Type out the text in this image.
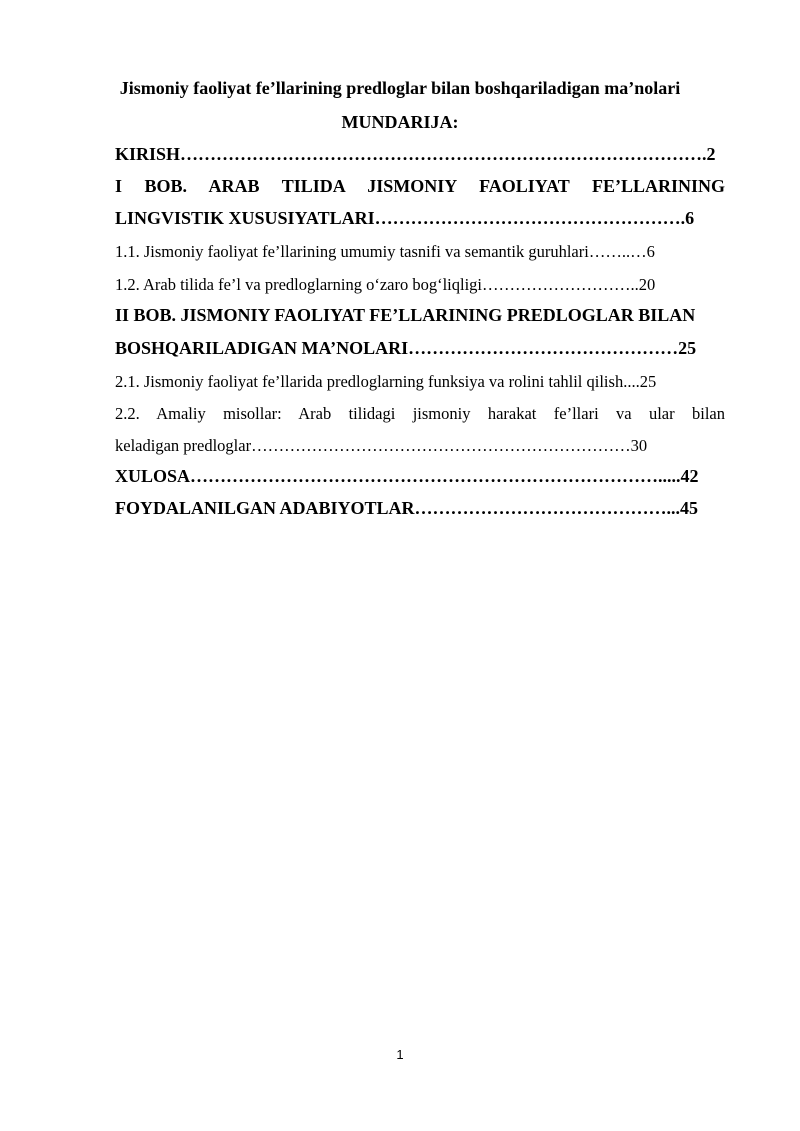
Jismoniy faoliyat fe’llarining predloglar bilan boshqariladigan ma’nolari
MUNDARIJA:
KIRISH…………………………………………………………………………….2
I BOB. ARAB TILIDA JISMONIY FAOLIYAT FE’LLARINING
LINGVISTIK XUSUSIYATLARI…………………………………………….6
1.1. Jismoniy faoliyat fe’llarining umumiy tasnifi va semantik guruhlari……..…6
1.2. Arab tilida fe’l va predloglarning o‘zaro bog‘liqligi………………………..20
II BOB. JISMONIY FAOLIYAT FE’LLARINING PREDLOGLAR BILAN
BOSHQARILADIGAN MA’NOLARI………………………………………25
2.1. Jismoniy faoliyat fe’llarida predloglarning funksiya va rolini tahlil qilish....25
2.2. Amaliy misollar: Arab tilidagi jismoniy harakat fe’llari va ular bilan
keladigan predloglar……………………………………………………………30
XULOSA…………………………………………………………………….....42
FOYDALANILGAN ADABIYOTLAR……………………………………...45
1
